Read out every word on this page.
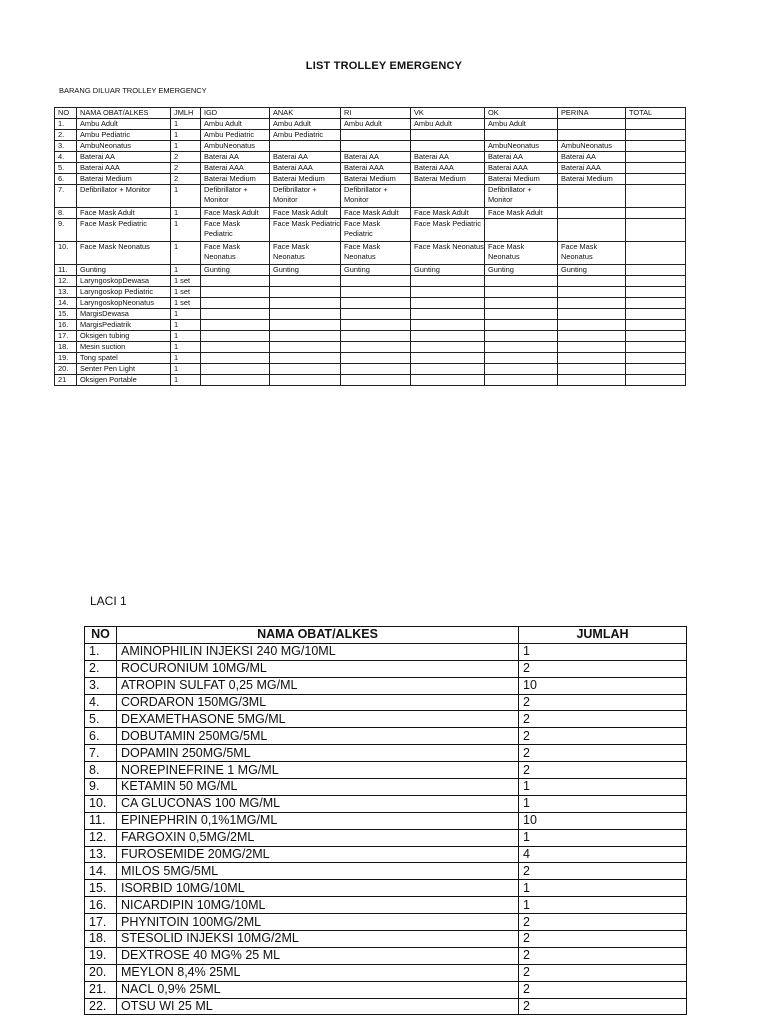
LIST TROLLEY EMERGENCY
BARANG DILUAR TROLLEY EMERGENCY
NO	NAMA OBAT/ALKES	JMLH	IGD	ANAK	RI	VK	OK	PERINA	TOTAL
1.	Ambu Adult	1	Ambu Adult	Ambu Adult	Ambu Adult	Ambu Adult	Ambu Adult		
2.	Ambu Pediatric	1	Ambu Pediatric	Ambu Pediatric					
3.	AmbuNeonatus	1	AmbuNeonatus				AmbuNeonatus	AmbuNeonatus	
4.	Baterai AA	2	Baterai AA	Baterai AA	Baterai AA	Baterai AA	Baterai AA	Baterai AA	
5.	Baterai AAA	2	Baterai AAA	Baterai AAA	Baterai AAA	Baterai AAA	Baterai AAA	Baterai AAA	
6.	Baterai Medium	2	Baterai Medium	Baterai Medium	Baterai Medium	Baterai Medium	Baterai Medium	Baterai Medium	
7.	Defibrillator + Monitor	1	Defibrillator + Monitor	Defibrillator + Monitor	Defibrillator + Monitor		Defibrillator + Monitor		
8.	Face Mask Adult	1	Face Mask Adult	Face Mask Adult	Face Mask Adult	Face Mask Adult	Face Mask Adult		
9.	Face Mask Pediatric	1	Face Mask Pediatric	Face Mask Pediatric	Face Mask Pediatric	Face Mask Pediatric			
10.	Face Mask Neonatus	1	Face Mask Neonatus	Face Mask Neonatus	Face Mask Neonatus	Face Mask Neonatus	Face Mask Neonatus	Face Mask Neonatus	
11.	Gunting	1	Gunting	Gunting	Gunting	Gunting	Gunting	Gunting	
12.	LaryngoskopDewasa	1 set							
13.	Laryngoskop Pediatric	1 set							
14.	LaryngoskopNeonatus	1 set							
15.	MargisDewasa	1							
16.	MargisPediatrik	1							
17.	Oksigen tubing	1							
18.	Mesin suction	1							
19.	Tong spatel	1							
20.	Senter Pen Light	1							
21	Oksigen Portable	1							
LACI 1
NO	NAMA OBAT/ALKES	JUMLAH
1.	AMINOPHILIN INJEKSI 240 MG/10ML	1
2.	ROCURONIUM 10MG/ML	2
3.	ATROPIN SULFAT 0,25 MG/ML	10
4.	CORDARON 150MG/3ML	2
5.	DEXAMETHASONE 5MG/ML	2
6.	DOBUTAMIN 250MG/5ML	2
7.	DOPAMIN 250MG/5ML	2
8.	NOREPINEFRINE 1 MG/ML	2
9.	KETAMIN 50 MG/ML	1
10.	CA GLUCONAS 100 MG/ML	1
11.	EPINEPHRIN 0,1%1MG/ML	10
12.	FARGOXIN 0,5MG/2ML	1
13.	FUROSEMIDE 20MG/2ML	4
14.	MILOS 5MG/5ML	2
15.	ISORBID 10MG/10ML	1
16.	NICARDIPIN 10MG/10ML	1
17.	PHYNITOIN 100MG/2ML	2
18.	STESOLID INJEKSI 10MG/2ML	2
19.	DEXTROSE 40 MG% 25 ML	2
20.	MEYLON 8,4% 25ML	2
21.	NACL 0,9% 25ML	2
22.	OTSU WI 25 ML	2
